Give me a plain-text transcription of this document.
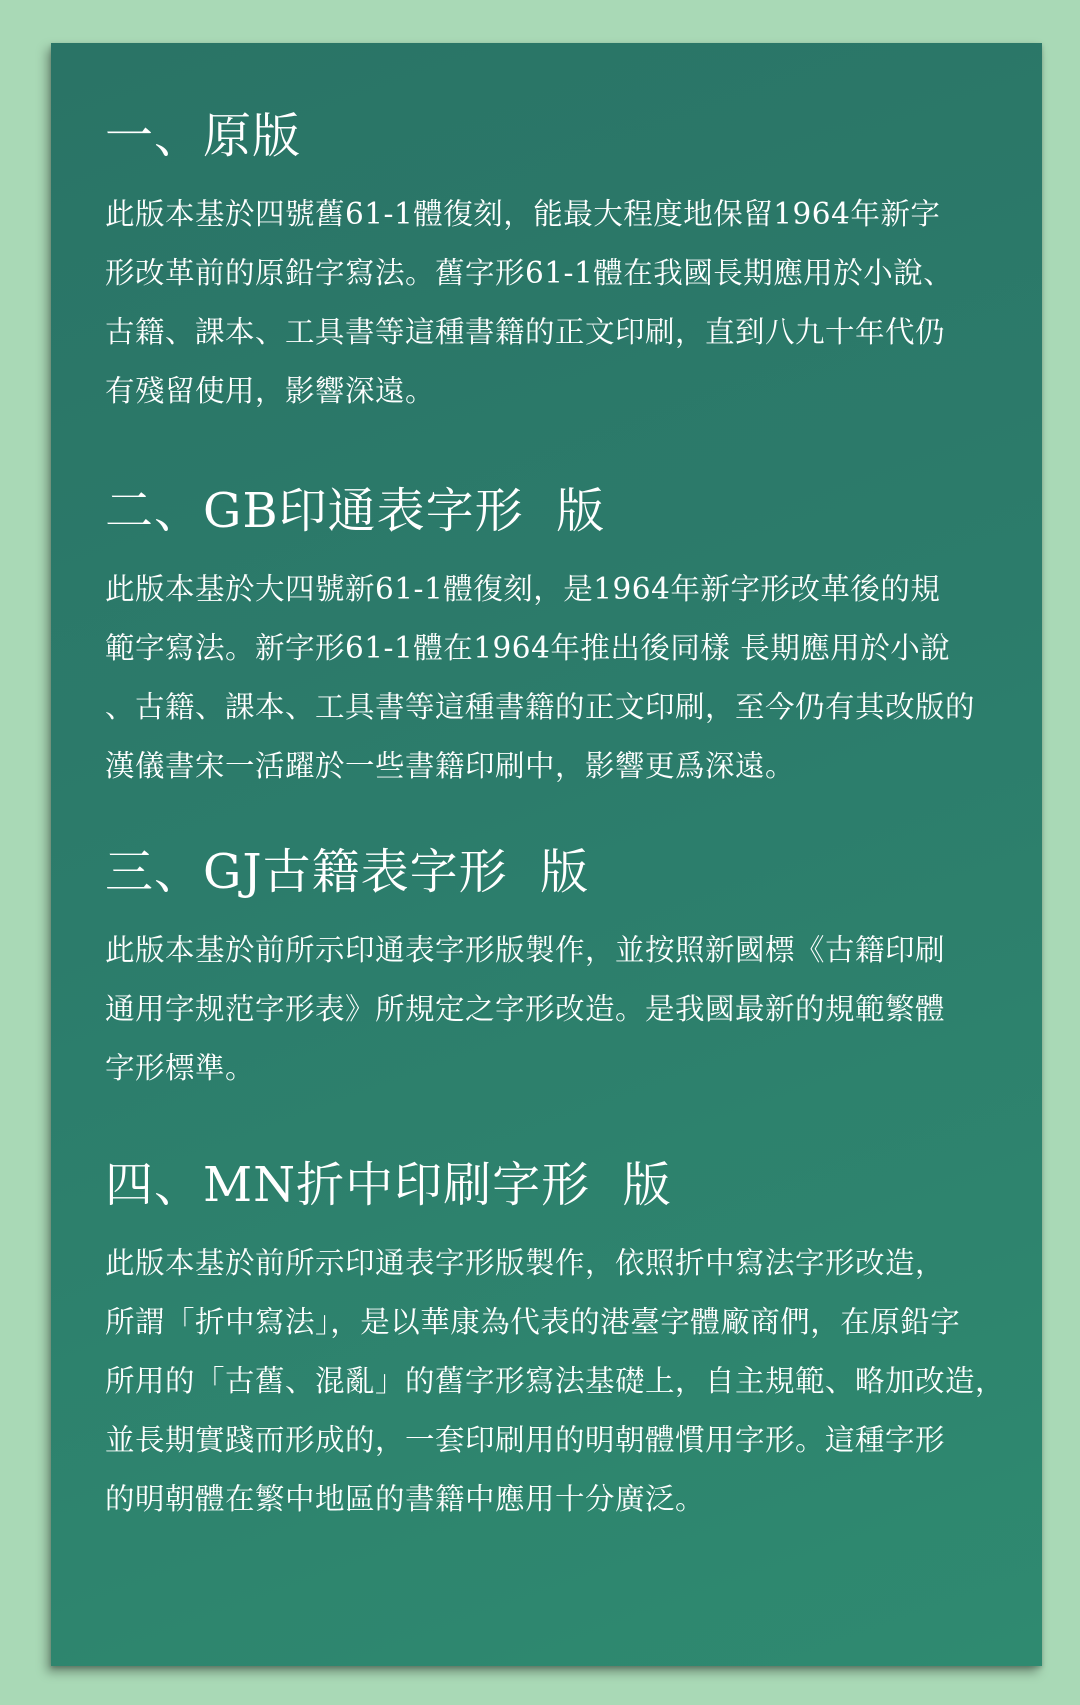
一、原版

此版本基於四號舊61-1體復刻，能最大程度地保留1964年新字
形改革前的原鉛字寫法。舊字形61-1體在我國長期應用於小說、
古籍、課本、工具書等這種書籍的正文印刷，直到八九十年代仍
有殘留使用，影響深遠。

二、GB印通表字形  版

此版本基於大四號新61-1體復刻，是1964年新字形改革後的規
範字寫法。新字形61-1體在1964年推出後同樣 長期應用於小說
、古籍、課本、工具書等這種書籍的正文印刷，至今仍有其改版的
漢儀書宋一活躍於一些書籍印刷中，影響更爲深遠。

三、GJ古籍表字形  版

此版本基於前所示印通表字形版製作，並按照新國標《古籍印刷
通用字规范字形表》所規定之字形改造。是我國最新的規範繁體
字形標準。

四、MN折中印刷字形  版

此版本基於前所示印通表字形版製作，依照折中寫法字形改造，
所謂「折中寫法」，是以華康為代表的港臺字體廠商們，在原鉛字
所用的「古舊、混亂」的舊字形寫法基礎上，自主規範、略加改造，
並長期實踐而形成的，一套印刷用的明朝體慣用字形。這種字形
的明朝體在繁中地區的書籍中應用十分廣泛。
